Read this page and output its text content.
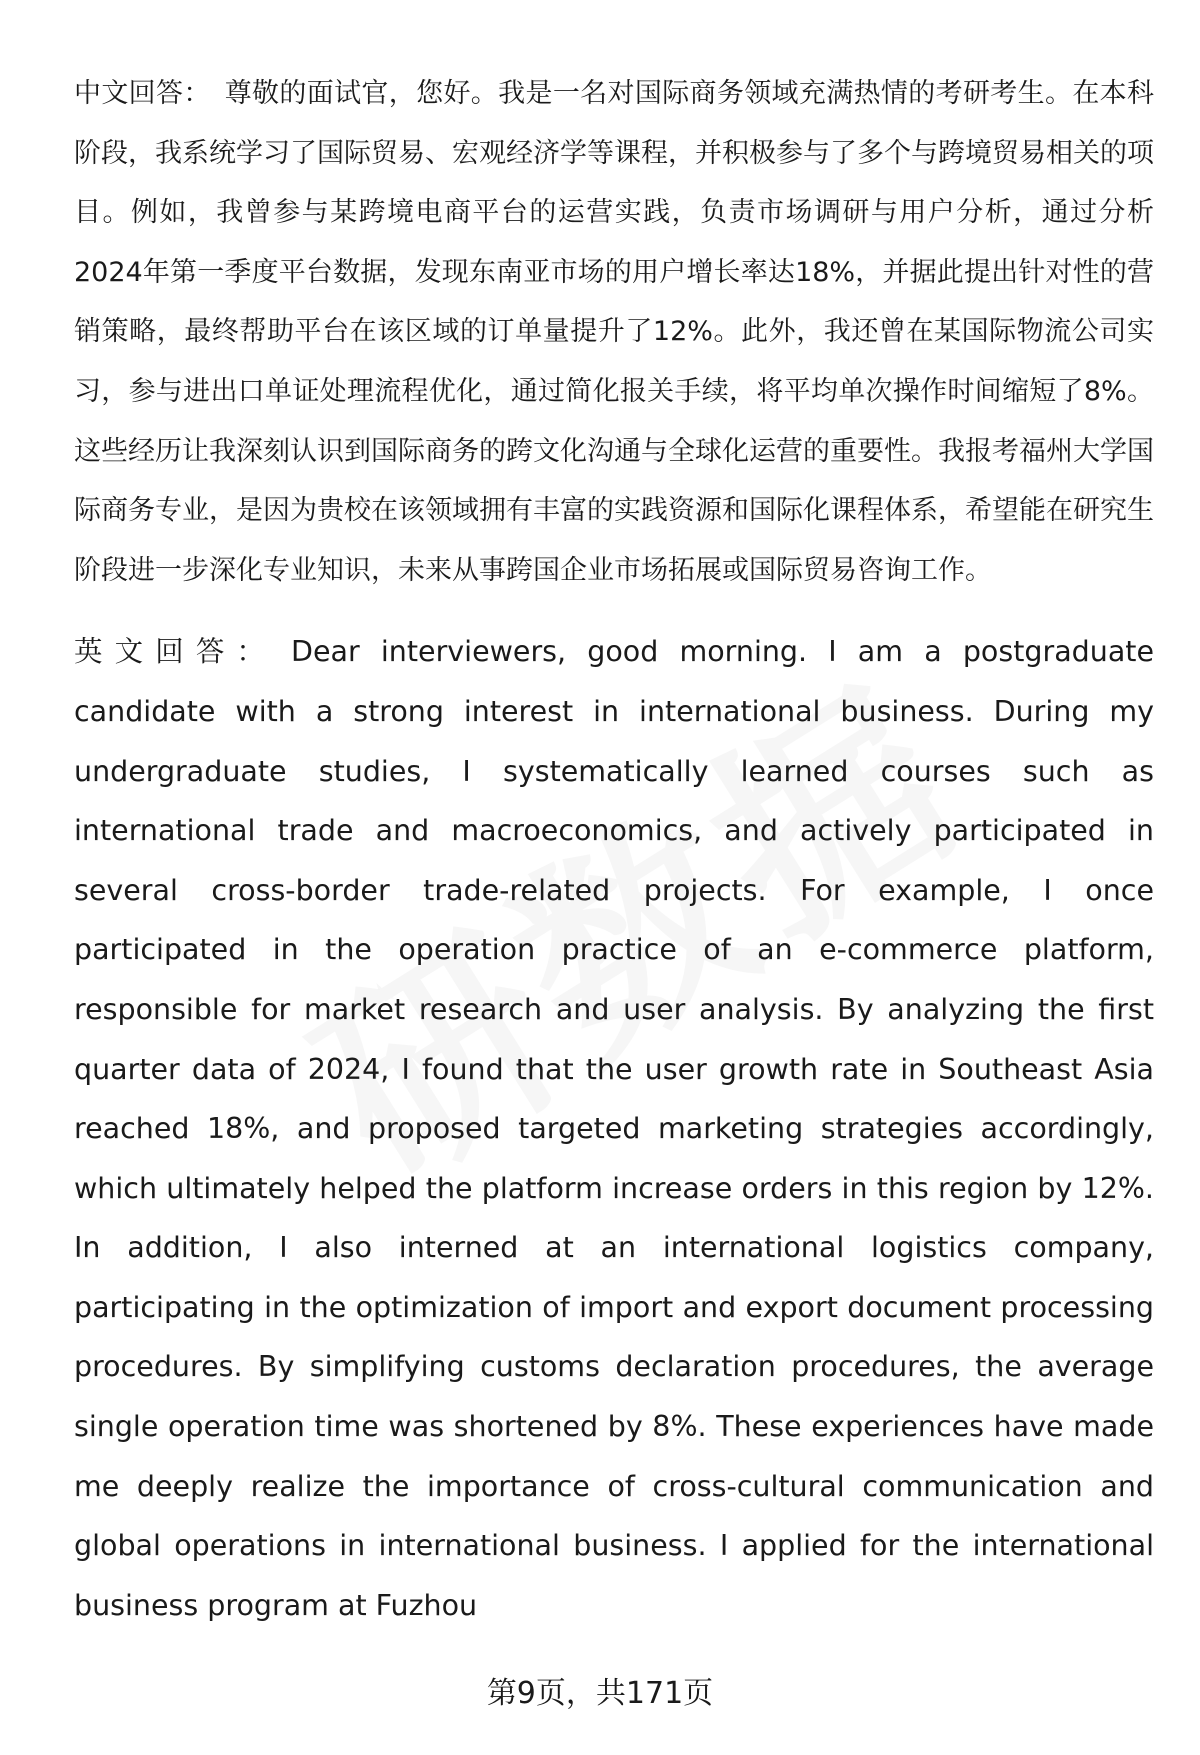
中文回答： 尊敬的面试官，您好。我是一名对国际商务领域充满热情的考研考生。在本科阶段，我系统学习了国际贸易、宏观经济学等课程，并积极参与了多个与跨境贸易相关的项目。例如，我曾参与某跨境电商平台的运营实践，负责市场调研与用户分析，通过分析2024年第一季度平台数据，发现东南亚市场的用户增长率达18%，并据此提出针对性的营销策略，最终帮助平台在该区域的订单量提升了12%。此外，我还曾在某国际物流公司实习，参与进出口单证处理流程优化，通过简化报关手续，将平均单次操作时间缩短了8%。这些经历让我深刻认识到国际商务的跨文化沟通与全球化运营的重要性。我报考福州大学国际商务专业，是因为贵校在该领域拥有丰富的实践资源和国际化课程体系，希望能在研究生阶段进一步深化专业知识，未来从事跨国企业市场拓展或国际贸易咨询工作。

英文回答： Dear interviewers, good morning. I am a postgraduate candidate with a strong interest in international business. During my undergraduate studies, I systematically learned courses such as international trade and macroeconomics, and actively participated in several cross-border trade-related projects. For example, I once participated in the operation practice of an e-commerce platform, responsible for market research and user analysis. By analyzing the first quarter data of 2024, I found that the user growth rate in Southeast Asia reached 18%, and proposed targeted marketing strategies accordingly, which ultimately helped the platform increase orders in this region by 12%. In addition, I also interned at an international logistics company, participating in the optimization of import and export document processing procedures. By simplifying customs declaration procedures, the average single operation time was shortened by 8%. These experiences have made me deeply realize the importance of cross-cultural communication and global operations in international business. I applied for the international business program at Fuzhou

第9页，共171页
